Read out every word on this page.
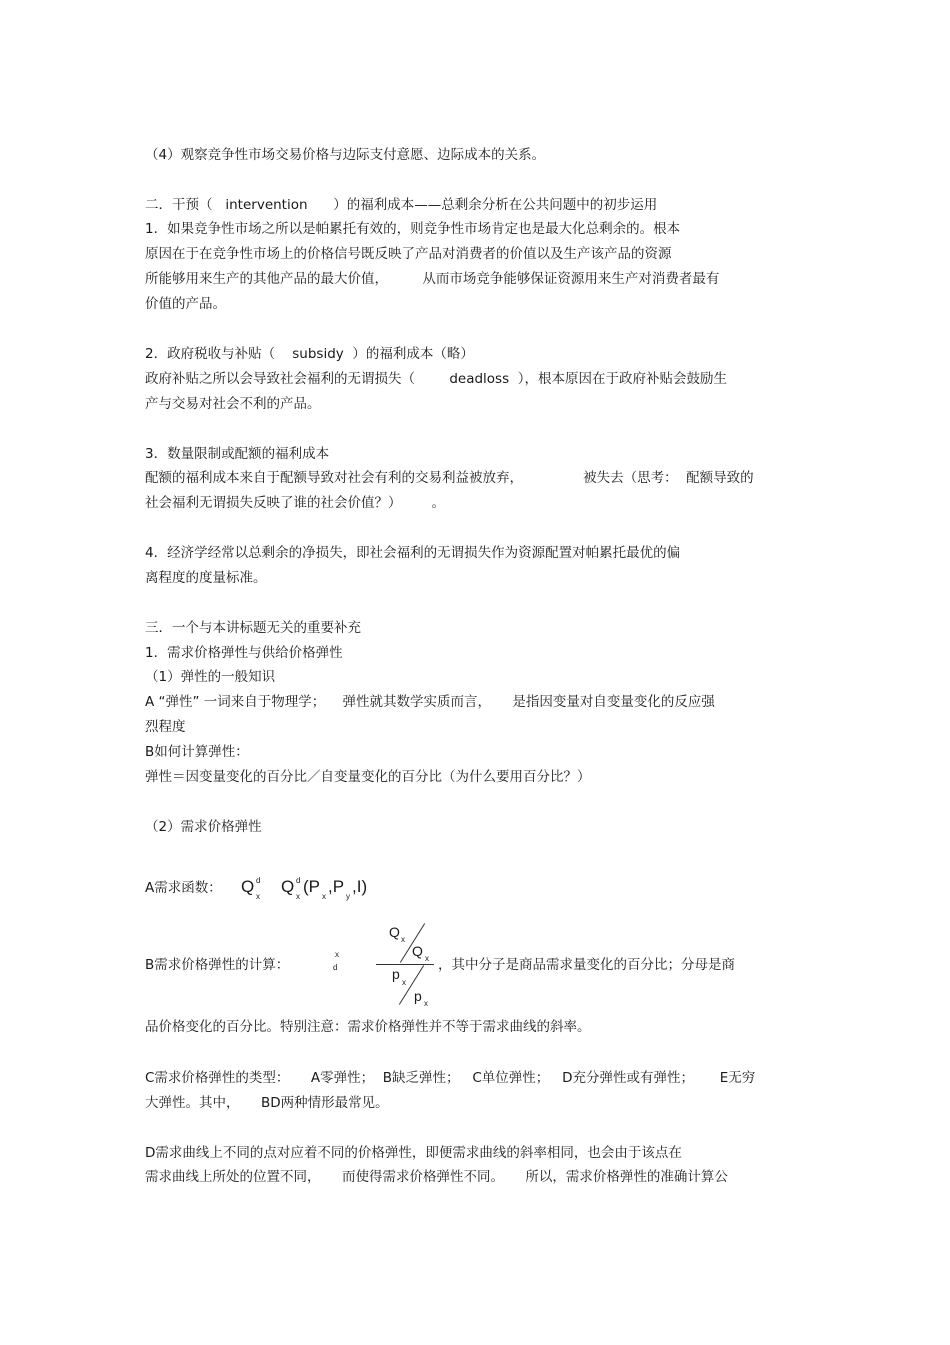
（4）观察竞争性市场交易价格与边际支付意愿、边际成本的关系。
二．干预（   intervention      ）的福利成本——总剩余分析在公共问题中的初步运用
1．如果竞争性市场之所以是帕累托有效的，则竞争性市场肯定也是最大化总剩余的。根本
原因在于在竞争性市场上的价格信号既反映了产品对消费者的价值以及生产该产品的资源
所能够用来生产的其他产品的最大价值，        从而市场竞争能够保证资源用来生产对消费者最有
价值的产品。
2．政府税收与补贴（    subsidy  ）的福利成本（略）
政府补贴之所以会导致社会福利的无谓损失（        deadloss  ），根本原因在于政府补贴会鼓励生
产与交易对社会不利的产品。
3．数量限制或配额的福利成本
配额的福利成本来自于配额导致对社会有利的交易利益被放弃，              被失去（思考：  配额导致的
社会福利无谓损失反映了谁的社会价值？）       。
4．经济学经常以总剩余的净损失，即社会福利的无谓损失作为资源配置对帕累托最优的偏
离程度的度量标准。
三．一个与本讲标题无关的重要补充
1．需求价格弹性与供给价格弹性
（1）弹性的一般知识
A “弹性” 一词来自于物理学；    弹性就其数学实质而言，     是指因变量对自变量变化的反应强
烈程度
B如何计算弹性：
弹性＝因变量变化的百分比／自变量变化的百分比（为什么要用百分比？）
（2）需求价格弹性
A需求函数： Q d
x
Q d
x
(P
x
,P
y
,I)
B需求价格弹性的计算：
x
d
Q x
Q x
p
x
p x
，其中分子是商品需求量变化的百分比；分母是商
品价格变化的百分比。特别注意：需求价格弹性并不等于需求曲线的斜率。
C需求价格弹性的类型：     A零弹性；  B缺乏弹性；   C单位弹性；   D充分弹性或有弹性；      E无穷
大弹性。其中，     BD两种情形最常见。
D需求曲线上不同的点对应着不同的价格弹性，即便需求曲线的斜率相同，也会由于该点在
需求曲线上所处的位置不同，     而使得需求价格弹性不同。     所以，需求价格弹性的准确计算公
